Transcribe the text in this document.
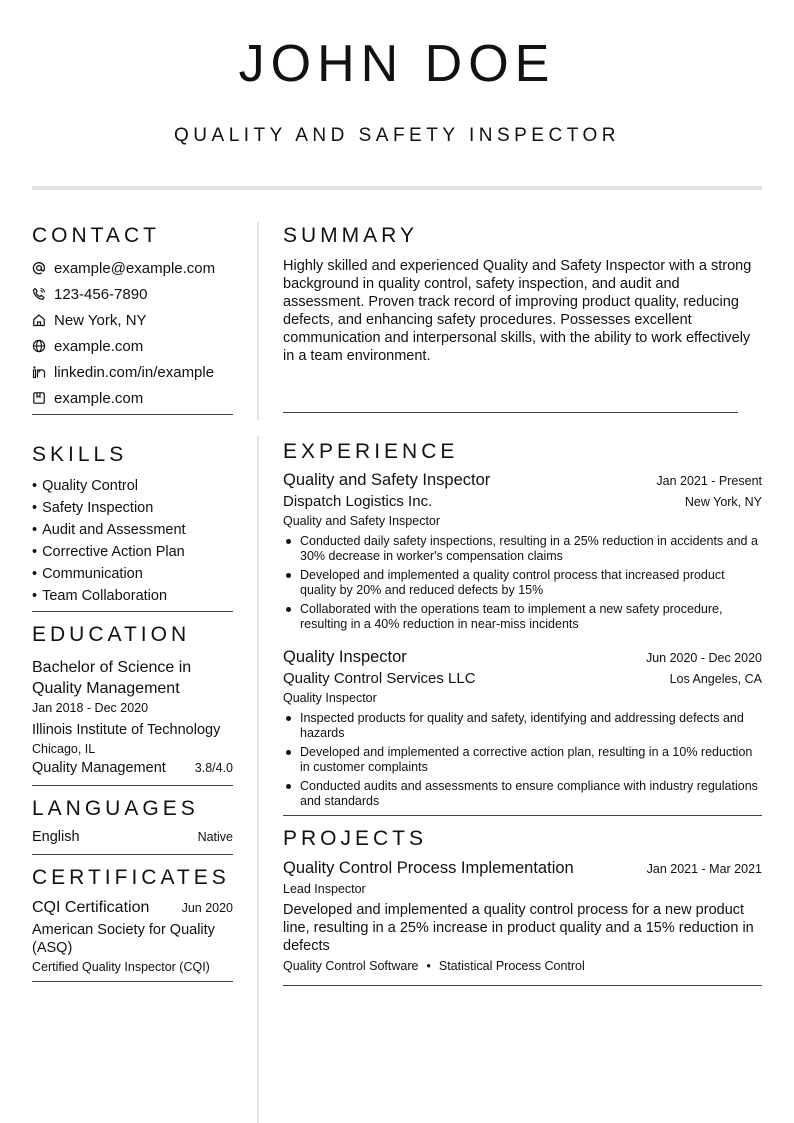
JOHN DOE
QUALITY AND SAFETY INSPECTOR
CONTACT
example@example.com
123-456-7890
New York, NY
example.com
linkedin.com/in/example
example.com
SKILLS
• Quality Control
• Safety Inspection
• Audit and Assessment
• Corrective Action Plan
• Communication
• Team Collaboration
EDUCATION
Bachelor of Science in Quality Management
Jan 2018 - Dec 2020
Illinois Institute of Technology
Chicago, IL
Quality Management 3.8/4.0
LANGUAGES
English	Native
CERTIFICATES
CQI Certification	Jun 2020
American Society for Quality (ASQ)
Certified Quality Inspector (CQI)
SUMMARY
Highly skilled and experienced Quality and Safety Inspector with a strong background in quality control, safety inspection, and audit and assessment. Proven track record of improving product quality, reducing defects, and enhancing safety procedures. Possesses excellent communication and interpersonal skills, with the ability to work effectively in a team environment.
EXPERIENCE
Quality and Safety Inspector	Jan 2021 - Present
Dispatch Logistics Inc.	New York, NY
Quality and Safety Inspector
Conducted daily safety inspections, resulting in a 25% reduction in accidents and a 30% decrease in worker's compensation claims
Developed and implemented a quality control process that increased product quality by 20% and reduced defects by 15%
Collaborated with the operations team to implement a new safety procedure, resulting in a 40% reduction in near-miss incidents
Quality Inspector	Jun 2020 - Dec 2020
Quality Control Services LLC	Los Angeles, CA
Quality Inspector
Inspected products for quality and safety, identifying and addressing defects and hazards
Developed and implemented a corrective action plan, resulting in a 10% reduction in customer complaints
Conducted audits and assessments to ensure compliance with industry regulations and standards
PROJECTS
Quality Control Process Implementation	Jan 2021 - Mar 2021
Lead Inspector
Developed and implemented a quality control process for a new product line, resulting in a 25% increase in product quality and a 15% reduction in defects
Quality Control Software • Statistical Process Control
